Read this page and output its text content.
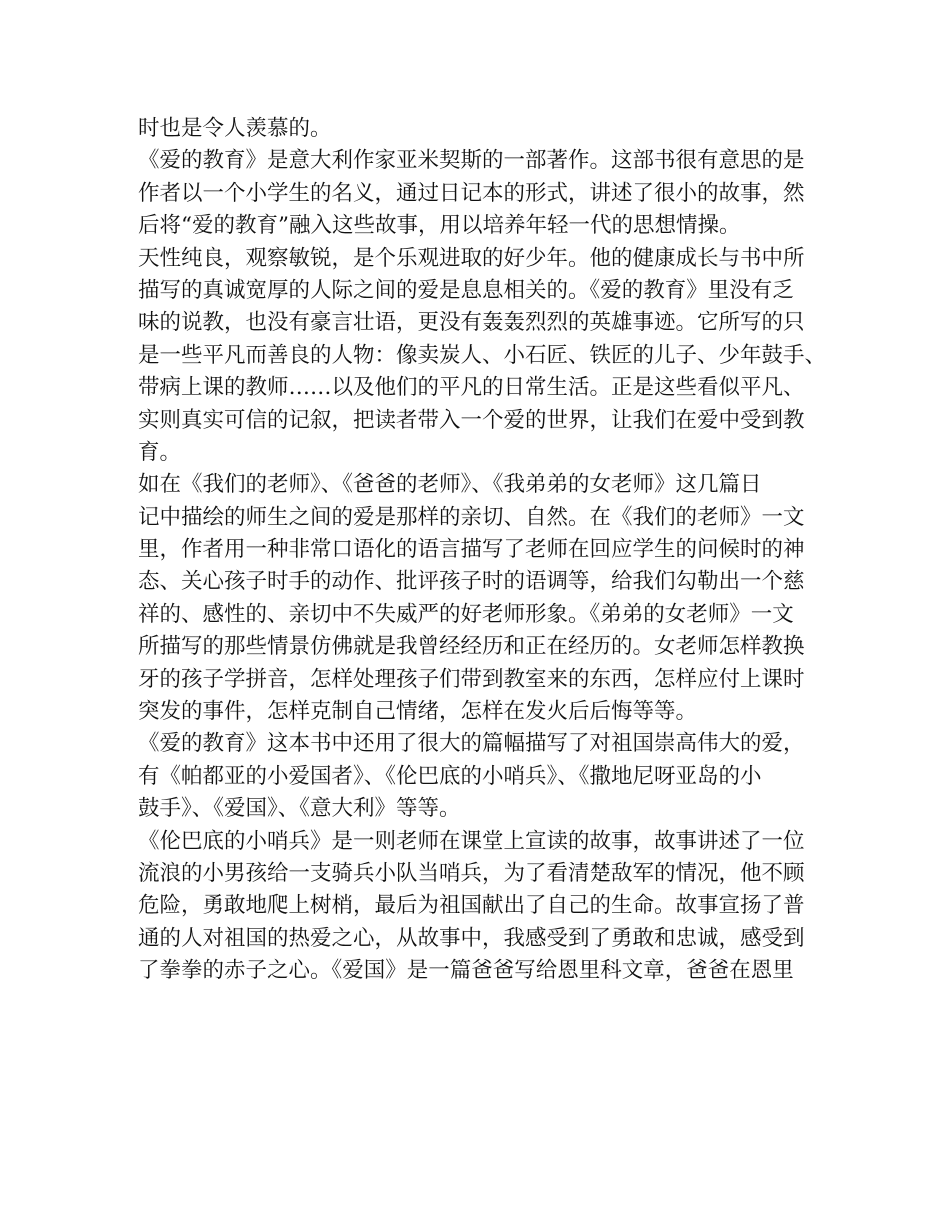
时也是令人羡慕的。
《爱的教育》是意大利作家亚米契斯的一部著作。这部书很有意思的是
作者以一个小学生的名义，通过日记本的形式，讲述了很小的故事，然
后将“爱的教育”融入这些故事，用以培养年轻一代的思想情操。
天性纯良，观察敏锐，是个乐观进取的好少年。他的健康成长与书中所
描写的真诚宽厚的人际之间的爱是息息相关的。《爱的教育》里没有乏
味的说教，也没有豪言壮语，更没有轰轰烈烈的英雄事迹。它所写的只
是一些平凡而善良的人物：像卖炭人、小石匠、铁匠的儿子、少年鼓手、
带病上课的教师……以及他们的平凡的日常生活。正是这些看似平凡、
实则真实可信的记叙，把读者带入一个爱的世界，让我们在爱中受到教
育。
如在《我们的老师》、《爸爸的老师》、《我弟弟的女老师》这几篇日
记中描绘的师生之间的爱是那样的亲切、自然。在《我们的老师》一文
里，作者用一种非常口语化的语言描写了老师在回应学生的问候时的神
态、关心孩子时手的动作、批评孩子时的语调等，给我们勾勒出一个慈
祥的、感性的、亲切中不失威严的好老师形象。《弟弟的女老师》一文
所描写的那些情景仿佛就是我曾经经历和正在经历的。女老师怎样教换
牙的孩子学拼音，怎样处理孩子们带到教室来的东西，怎样应付上课时
突发的事件，怎样克制自己情绪，怎样在发火后后悔等等。
《爱的教育》这本书中还用了很大的篇幅描写了对祖国崇高伟大的爱，
有《帕都亚的小爱国者》、《伦巴底的小哨兵》、《撒地尼呀亚岛的小
鼓手》、《爱国》、《意大利》等等。
《伦巴底的小哨兵》是一则老师在课堂上宣读的故事，故事讲述了一位
流浪的小男孩给一支骑兵小队当哨兵，为了看清楚敌军的情况，他不顾
危险，勇敢地爬上树梢，最后为祖国献出了自己的生命。故事宣扬了普
通的人对祖国的热爱之心，从故事中，我感受到了勇敢和忠诚，感受到
了拳拳的赤子之心。《爱国》是一篇爸爸写给恩里科文章，爸爸在恩里
